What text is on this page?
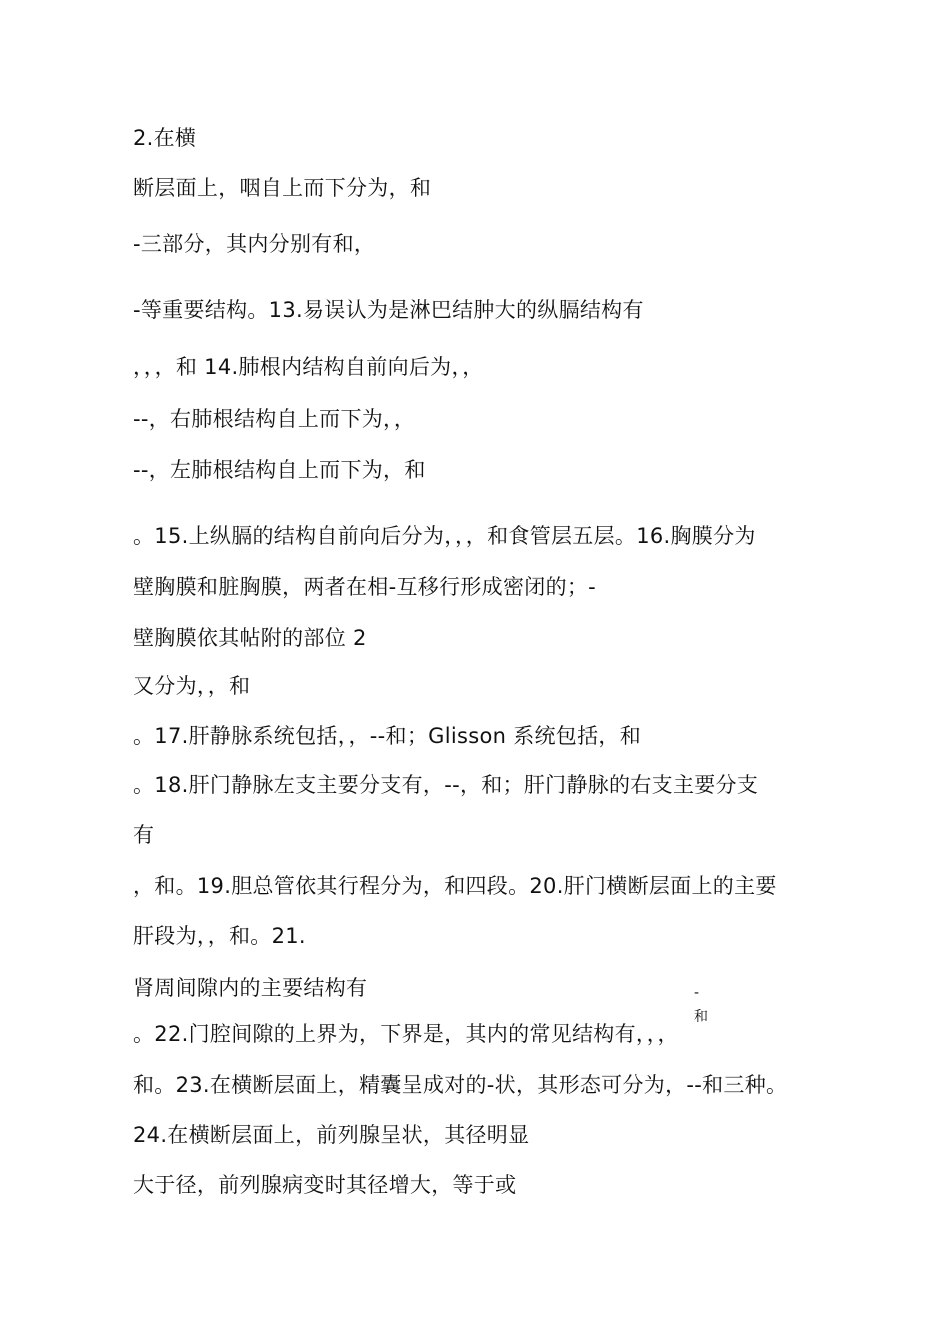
2.在横
断层面上，咽自上而下分为，和
-三部分，其内分别有和，
-等重要结构。13.易误认为是淋巴结肿大的纵膈结构有
，，，和 14.肺根内结构自前向后为，，
--，右肺根结构自上而下为，，
--，左肺根结构自上而下为，和
。15.上纵膈的结构自前向后分为，，，和食管层五层。16.胸膜分为
壁胸膜和脏胸膜，两者在相-互移行形成密闭的；-
壁胸膜依其帖附的部位 2
又分为，，和
。17.肝静脉系统包括，，--和；Glisson 系统包括，和
。18.肝门静脉左支主要分支有，--，和；肝门静脉的右支主要分支
有
，和。19.胆总管依其行程分为，和四段。20.肝门横断层面上的主要
肝段为，，和。21.
肾周间隙内的主要结构有
。22.门腔间隙的上界为，下界是，其内的常见结构有，，，
和。23.在横断层面上，精囊呈成对的-状，其形态可分为，--和三种。
24.在横断层面上，前列腺呈状，其径明显
大于径，前列腺病变时其径增大，等于或
-
和
